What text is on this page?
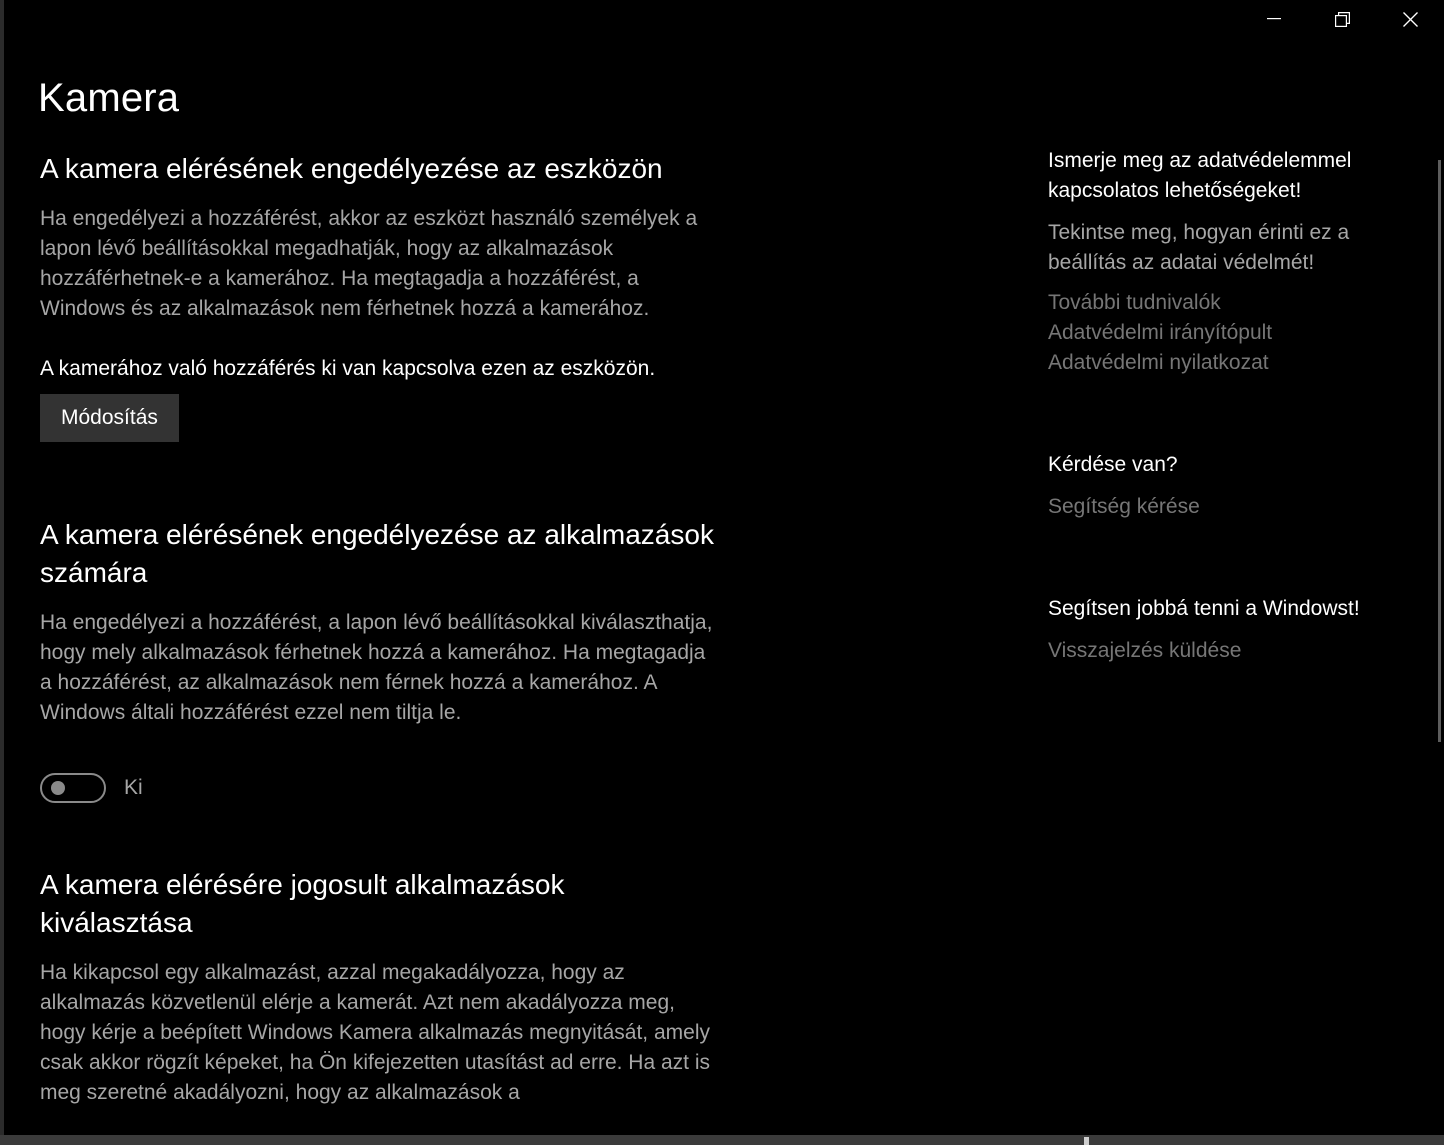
Kamera
A kamera elérésének engedélyezése az eszközön

Ha engedélyezi a hozzáférést, akkor az eszközt használó személyek a lapon lévő beállításokkal megadhatják, hogy az alkalmazások hozzáférhetnek-e a kamerához. Ha megtagadja a hozzáférést, a Windows és az alkalmazások nem férhetnek hozzá a kamerához.

A kamerához való hozzáférés ki van kapcsolva ezen az eszközön.
Módosítás
A kamera elérésének engedélyezése az alkalmazások számára

Ha engedélyezi a hozzáférést, a lapon lévő beállításokkal kiválaszthatja, hogy mely alkalmazások férhetnek hozzá a kamerához. Ha megtagadja a hozzáférést, az alkalmazások nem férnek hozzá a kamerához. A Windows általi hozzáférést ezzel nem tiltja le.

Ki
A kamera elérésére jogosult alkalmazások kiválasztása

Ha kikapcsol egy alkalmazást, azzal megakadályozza, hogy az alkalmazás közvetlenül elérje a kamerát. Azt nem akadályozza meg, hogy kérje a beépített Windows Kamera alkalmazás megnyitását, amely csak akkor rögzít képeket, ha Ön kifejezetten utasítást ad erre. Ha azt is meg szeretné akadályozni, hogy az alkalmazások a

Ismerje meg az adatvédelemmel kapcsolatos lehetőségeket!

Tekintse meg, hogyan érinti ez a beállítás az adatai védelmét!

További tudnivalók
Adatvédelmi irányítópult
Adatvédelmi nyilatkozat
Kérdése van?
Segítség kérése
Segítsen jobbá tenni a Windowst!
Visszajelzés küldése
